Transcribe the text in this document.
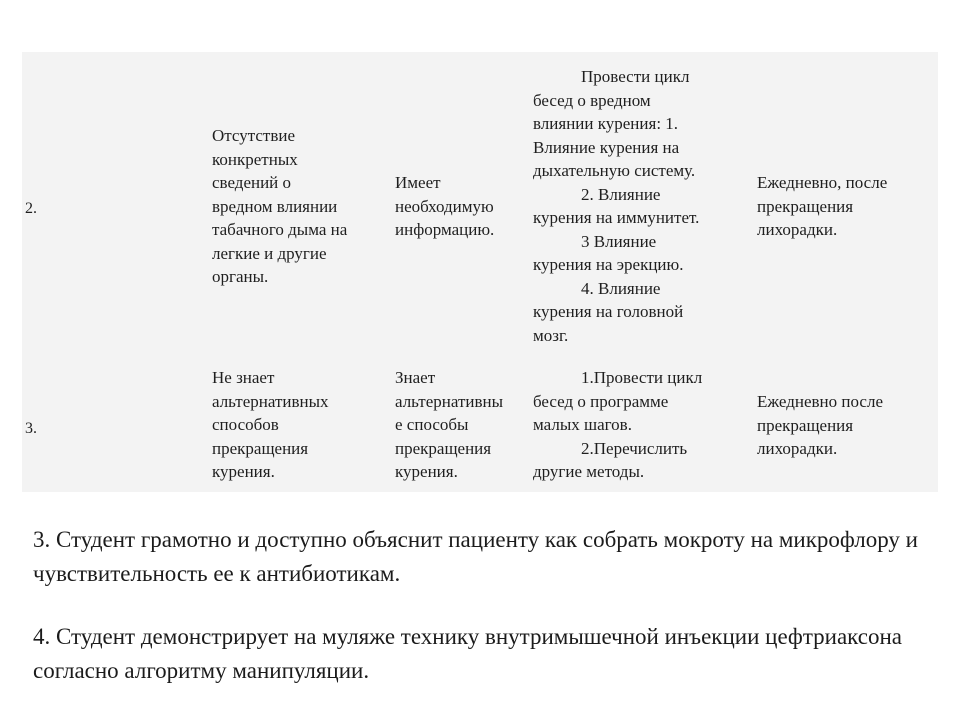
2.
Отсутствие
конкретных
сведений о
вредном влиянии
табачного дыма на
легкие и другие
органы.
Имеет
необходимую
информацию.
Провести цикл
бесед о вредном
влиянии курения: 1.
Влияние курения на
дыхательную систему.
2. Влияние
курения на иммунитет.
3 Влияние
курения на эрекцию.
4. Влияние
курения на головной
мозг.
Ежедневно, после
прекращения
лихорадки.
3.
Не знает
альтернативных
способов
прекращения
курения.
Знает
альтернативны
е способы
прекращения
курения.
1.Провести цикл
бесед о программе
малых шагов.
2.Перечислить
другие методы.
Ежедневно после
прекращения
лихорадки.
3. Студент грамотно и доступно объяснит пациенту как собрать мокроту на микрофлору и чувствительность ее к антибиотикам.
4. Студент демонстрирует на муляже технику внутримышечной инъекции цефтриаксона согласно алгоритму манипуляции.
